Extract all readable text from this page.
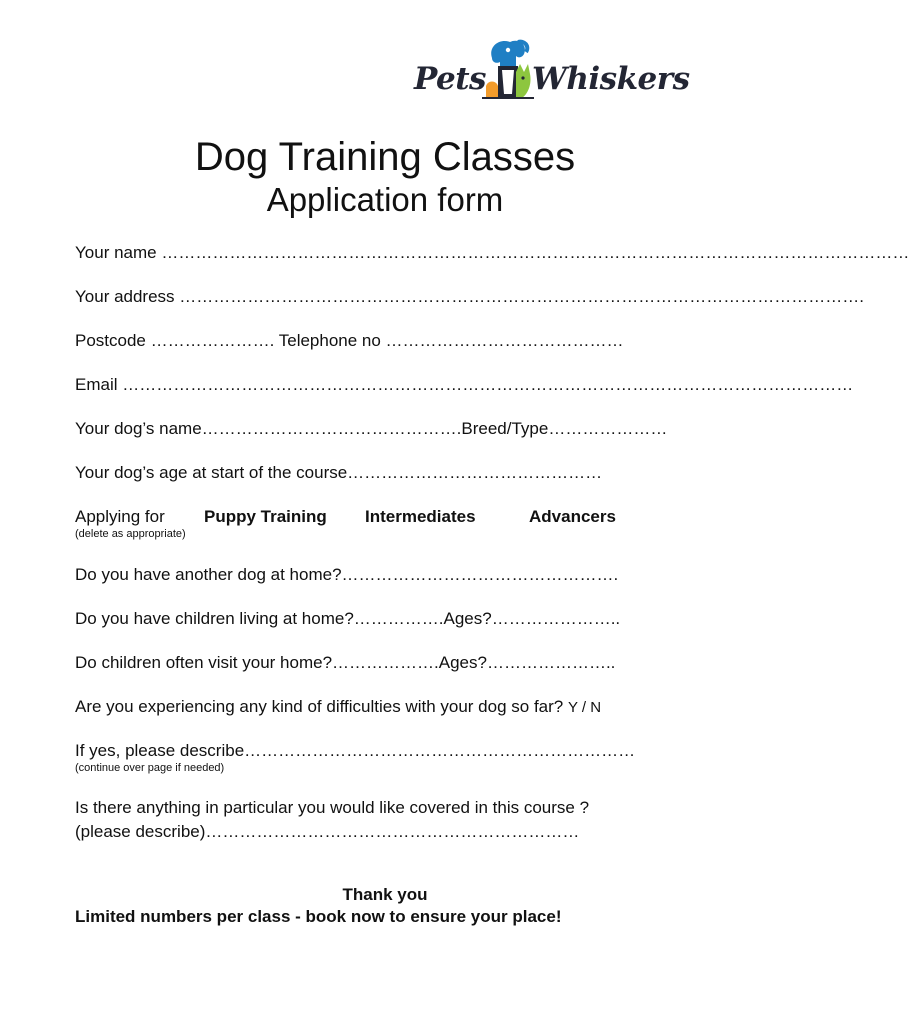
Pets Whiskers
Dog Training Classes
Application form
Your name ……………………………………………………………………………………………………………………
Your address ………………………………………………………………………………………………………….
Postcode …………………. Telephone no ……………………………………
Email …………………………………………………………………………………………………………………
Your dog’s name……………………………………….Breed/Type…………………
Your dog’s age at start of the course………………………………………
Applying for Puppy Training Intermediates	Advancers
(delete as appropriate)
Do you have another dog at home?………………………………………….
Do you have children living at home?…………….Ages?…………………..
Do children often visit your home?……………….Ages?…………………..
Are you experiencing any kind of difficulties with your dog so far? Y / N
If yes, please describe……………………………………………………………
(continue over page if needed)
Is there anything in particular you would like covered in this course ?
(please describe)…………………………………………………………
Thank you
Limited numbers per class - book now to ensure your place!
